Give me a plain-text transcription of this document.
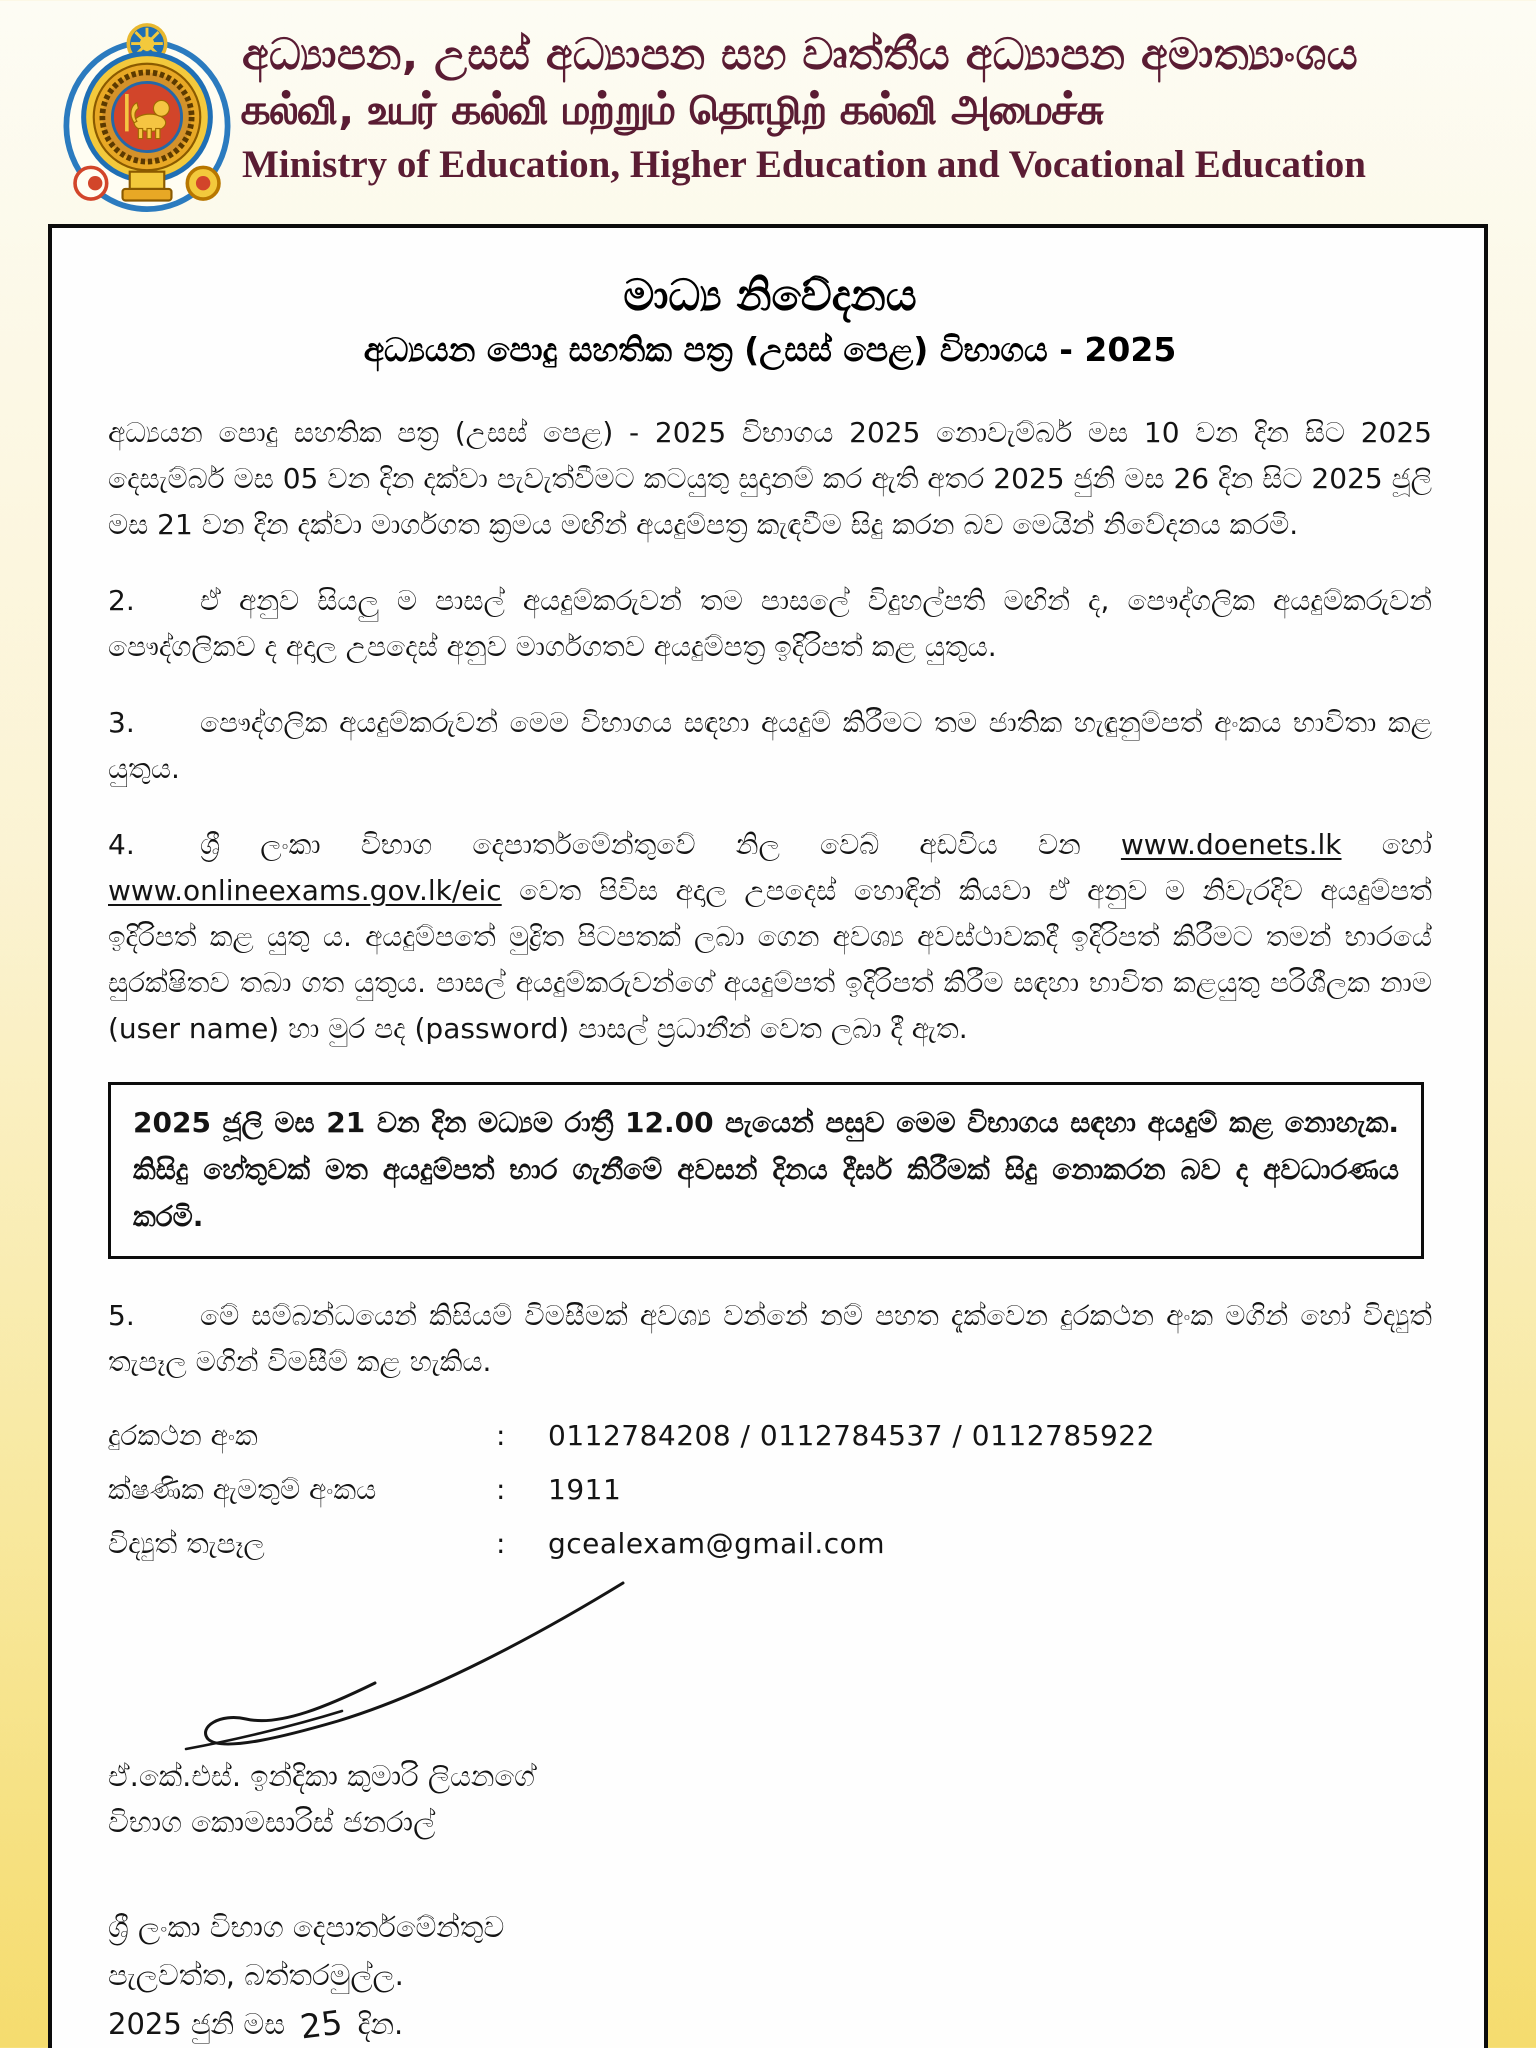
අධ්‍යාපන, උසස් අධ්‍යාපන සහ වෘත්තීය අධ්‍යාපන අමාත්‍යාංශය
கல்வி, உயர் கல்வி மற்றும் தொழிற் கல்வி அமைச்சு
Ministry of Education, Higher Education and Vocational Education
මාධ්‍ය නිවේදනය
අධ්‍යයන පොදු සහතික පත්‍ර (උසස් පෙළ) විභාගය - 2025

අධ්‍යයන පොදු සහතික පත්‍ර (උසස් පෙළ) - 2025 විභාගය 2025 නොවැම්බර් මස 10 වන දින සිට 2025 දෙසැම්බර් මස 05 වන දින දක්වා පැවැත්වීමට කටයුතු සුදානම් කර ඇති අතර 2025 ජුනි මස 26 දින සිට 2025 ජූලි මස 21 වන දින දක්වා මාර්ගගත ක්‍රමය මඟින් අයදුම්පත්‍ර කැඳවීම සිදු කරන බව මෙයින් නිවේදනය කරමි.

2. ඒ අනුව සියලු ම පාසල් අයදුම්කරුවන් තම පාසලේ විදුහල්පති මඟින් ද, පෞද්ගලික අයදුම්කරුවන් පෞද්ගලිකව ද අදාල උපදෙස් අනුව මාර්ගගතව අයදුම්පත්‍ර ඉදිරිපත් කළ යුතුය.

3. පෞද්ගලික අයදුම්කරුවන් මෙම විභාගය සඳහා අයදුම් කිරීමට තම ජාතික හැඳුනුම්පත් අංකය භාවිතා කළ යුතුය.

4. ශ්‍රී ලංකා විභාග දෙපාර්තමේන්තුවේ නිල වෙබ් අඩවිය වන www.doenets.lk හෝ www.onlineexams.gov.lk/eic වෙත පිවිස අදාල උපදෙස් හොඳින් කියවා ඒ අනුව ම නිවැරදිව අයදුම්පත් ඉදිරිපත් කළ යුතු ය. අයදුම්පතේ මුද්‍රිත පිටපතක් ලබා ගෙන අවශ්‍ය අවස්ථාවකදී ඉදිරිපත් කිරීමට තමන් භාරයේ සුරක්ෂිතව තබා ගත යුතුය. පාසල් අයදුම්කරුවන්ගේ අයදුම්පත් ඉදිරිපත් කිරීම සඳහා භාවිත කළයුතු පරිශීලක නාම (user name) හා මුර පද (password) පාසල් ප්‍රධානීන් වෙත ලබා දී ඇත.

2025 ජූලි මස 21 වන දින මධ්‍යම රාත්‍රී 12.00 පැයෙන් පසුව මෙම විභාගය සඳහා අයදුම් කළ නොහැක. කිසිදු හේතුවක් මත අයදුම්පත් භාර ගැනීමේ අවසන් දිනය දීර්ඝ කිරීමක් සිදු නොකරන බව ද අවධාරණය කරමි.

5. මේ සම්බන්ධයෙන් කිසියම් විමසීමක් අවශ්‍ය වන්නේ නම් පහත දැක්වෙන දුරකථන අංක මගින් හෝ විද්‍යුත් තැපෑල මගින් විමසීම් කළ හැකිය.

දුරකථන අංක	:	0112784208 / 0112784537 / 0112785922
ක්ෂණික ඇමතුම් අංකය	:	1911
විද්‍යුත් තැපෑල	:	gcealexam@gmail.com
ඒ.කේ.එස්. ඉන්දිකා කුමාරි ලියනගේ
විභාග කොමසාරිස් ජනරාල්
ශ්‍රී ලංකා විභාග දෙපාර්තමේන්තුව
පැලවත්ත, බත්තරමුල්ල.
2025 ජුනි මස 25 දින.
